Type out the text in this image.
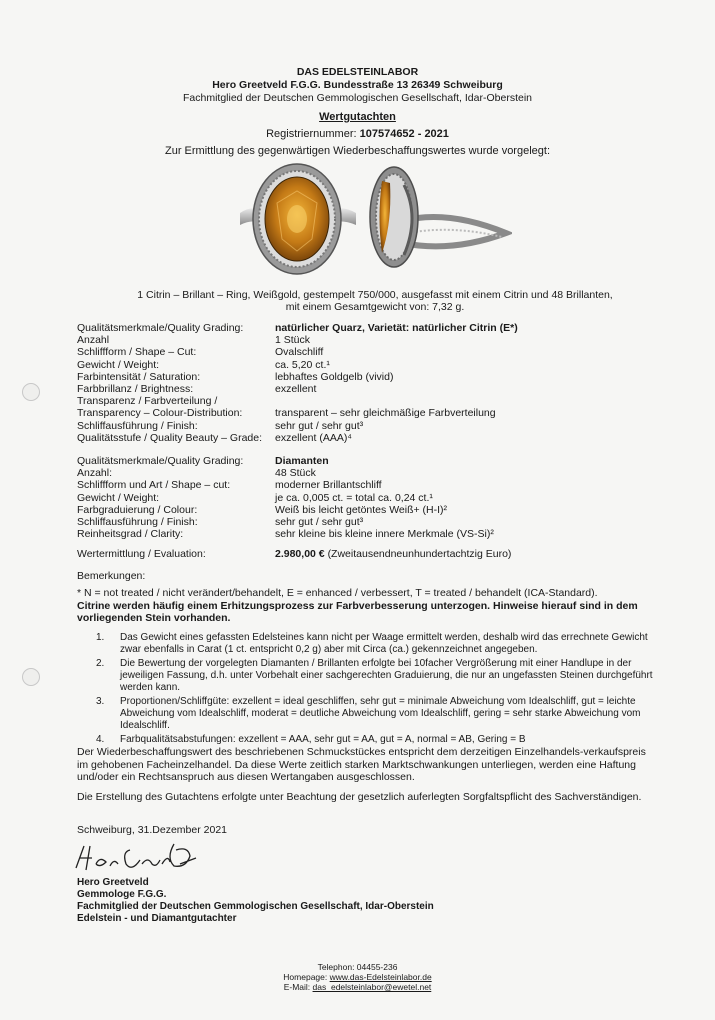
DAS EDELSTEINLABOR
Hero Greetveld F.G.G. Bundesstraße 13 26349 Schweiburg
Fachmitglied der Deutschen Gemmologischen Gesellschaft, Idar-Oberstein
Wertgutachten
Registriernummer: 107574652 - 2021
Zur Ermittlung des gegenwärtigen Wiederbeschaffungswertes wurde vorgelegt:
1 Citrin – Brillant – Ring, Weißgold, gestempelt 750/000, ausgefasst mit einem Citrin und 48 Brillanten,
mit einem Gesamtgewicht von: 7,32 g.
Qualitätsmerkmale/Quality Grading:	natürlicher Quarz, Varietät: natürlicher Citrin (E*)
Anzahl	1 Stück
Schliffform / Shape – Cut:	Ovalschliff
Gewicht / Weight:	ca. 5,20 ct.¹
Farbintensität / Saturation:	lebhaftes Goldgelb (vivid)
Farbbrillanz / Brightness:	exzellent
Transparenz / Farbverteilung /
Transparency – Colour-Distribution:	transparent – sehr gleichmäßige Farbverteilung
Schliffausführung / Finish:	sehr gut / sehr gut³
Qualitätsstufe / Quality Beauty – Grade:	exzellent (AAA)⁴
Qualitätsmerkmale/Quality Grading:	Diamanten
Anzahl:	48 Stück
Schliffform und Art / Shape – cut:	moderner Brillantschliff
Gewicht / Weight:	je ca. 0,005 ct. = total ca. 0,24 ct.¹
Farbgraduierung / Colour:	Weiß bis leicht getöntes Weiß+ (H-I)²
Schliffausführung / Finish:	sehr gut / sehr gut³
Reinheitsgrad / Clarity:	sehr kleine bis kleine innere Merkmale (VS-Si)²
Wertermittlung / Evaluation:	2.980,00 € (Zweitausendneunhundertachtzig Euro)
Bemerkungen:
* N = not treated / nicht verändert/behandelt, E = enhanced / verbessert, T = treated / behandelt (ICA-Standard).
Citrine werden häufig einem Erhitzungsprozess zur Farbverbesserung unterzogen. Hinweise hierauf sind in dem vorliegenden Stein vorhanden.
1.	Das Gewicht eines gefassten Edelsteines kann nicht per Waage ermittelt werden, deshalb wird das errechnete Gewicht zwar ebenfalls in Carat (1 ct. entspricht 0,2 g) aber mit Circa (ca.) gekennzeichnet angegeben.
2.	Die Bewertung der vorgelegten Diamanten / Brillanten erfolgte bei 10facher Vergrößerung mit einer Handlupe in der jeweiligen Fassung, d.h. unter Vorbehalt einer sachgerechten Graduierung, die nur an ungefassten Steinen durchgeführt werden kann.
3.	Proportionen/Schliffgüte: exzellent = ideal geschliffen, sehr gut = minimale Abweichung vom Idealschliff, gut = leichte Abweichung vom Idealschliff, moderat = deutliche Abweichung vom Idealschliff, gering = sehr starke Abweichung vom Idealschliff.
4.	Farbqualitätsabstufungen: exzellent = AAA, sehr gut = AA, gut = A, normal = AB, Gering = B
Der Wiederbeschaffungswert des beschriebenen Schmuckstückes entspricht dem derzeitigen Einzelhandels-verkaufspreis im gehobenen Facheinzelhandel. Da diese Werte zeitlich starken Marktschwankungen unterliegen, werden eine Haftung und/oder ein Rechtsanspruch aus diesen Wertangaben ausgeschlossen.
Die Erstellung des Gutachtens erfolgte unter Beachtung der gesetzlich auferlegten Sorgfaltspflicht des Sachverständigen.
Schweiburg, 31.Dezember 2021
Hero Greetveld
Gemmologe F.G.G.
Fachmitglied der Deutschen Gemmologischen Gesellschaft, Idar-Oberstein
Edelstein - und Diamantgutachter
Telephon: 04455-236
Homepage: www.das-Edelsteinlabor.de
E-Mail: das_edelsteinlabor@ewetel.net
